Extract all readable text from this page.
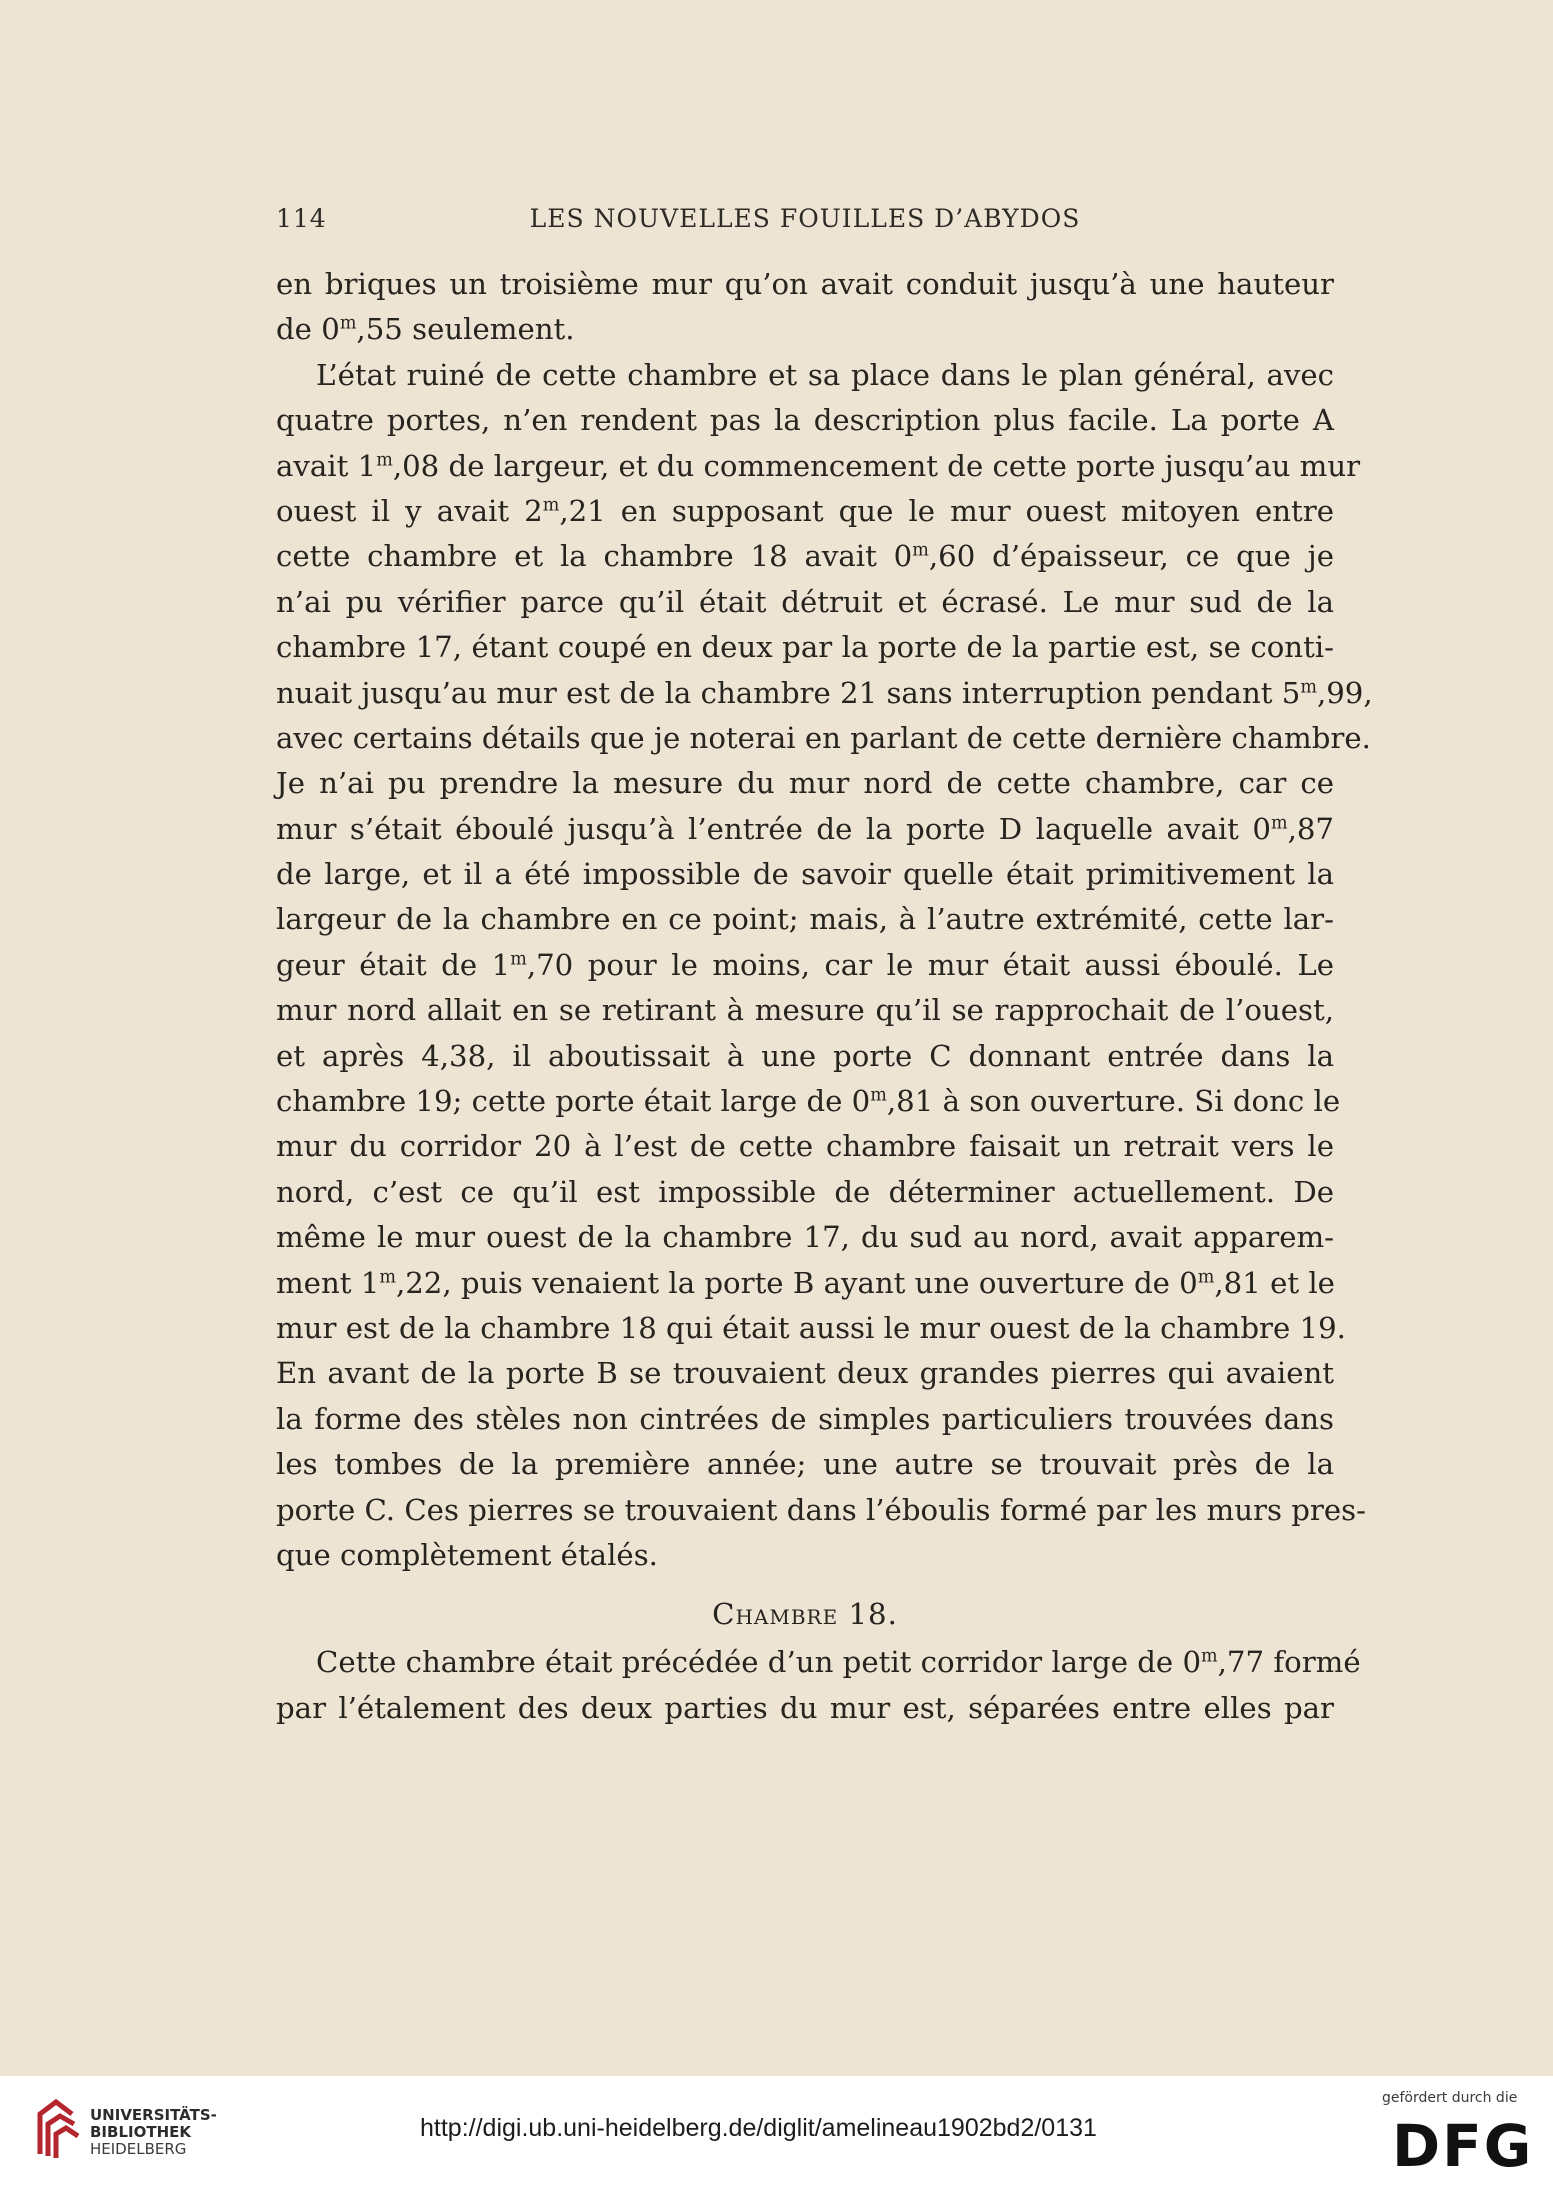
114	LES NOUVELLES FOUILLES D’ABYDOS
en briques un troisième mur qu’on avait conduit jusqu’à une hauteur
de 0$^m$,55 seulement.
L’état ruiné de cette chambre et sa place dans le plan général, avec
quatre portes, n’en rendent pas la description plus facile. La porte A
avait 1$^m$,08 de largeur, et du commencement de cette porte jusqu’au mur
ouest il y avait 2$^m$,21 en supposant que le mur ouest mitoyen entre
cette chambre et la chambre 18 avait 0$^m$,60 d’épaisseur, ce que je
n’ai pu vérifier parce qu’il était détruit et écrasé. Le mur sud de la
chambre 17, étant coupé en deux par la porte de la partie est, se conti-
nuait jusqu’au mur est de la chambre 21 sans interruption pendant 5$^m$,99,
avec certains détails que je noterai en parlant de cette dernière chambre.
Je n’ai pu prendre la mesure du mur nord de cette chambre, car ce
mur s’était éboulé jusqu’à l’entrée de la porte D laquelle avait 0$^m$,87
de large, et il a été impossible de savoir quelle était primitivement la
largeur de la chambre en ce point; mais, à l’autre extrémité, cette lar-
geur était de 1$^m$,70 pour le moins, car le mur était aussi éboulé. Le
mur nord allait en se retirant à mesure qu’il se rapprochait de l’ouest,
et après 4,38, il aboutissait à une porte C donnant entrée dans la
chambre 19; cette porte était large de 0$^m$,81 à son ouverture. Si donc le
mur du corridor 20 à l’est de cette chambre faisait un retrait vers le
nord, c’est ce qu’il est impossible de déterminer actuellement. De
même le mur ouest de la chambre 17, du sud au nord, avait apparem-
ment 1$^m$,22, puis venaient la porte B ayant une ouverture de 0$^m$,81 et le
mur est de la chambre 18 qui était aussi le mur ouest de la chambre 19.
En avant de la porte B se trouvaient deux grandes pierres qui avaient
la forme des stèles non cintrées de simples particuliers trouvées dans
les tombes de la première année; une autre se trouvait près de la
porte C. Ces pierres se trouvaient dans l’éboulis formé par les murs pres-
que complètement étalés.
Chambre 18.
Cette chambre était précédée d’un petit corridor large de 0$^m$,77 formé
par l’étalement des deux parties du mur est, séparées entre elles par
UNIVERSITÄTS-
BIBLIOTHEK
HEIDELBERG
http://digi.ub.uni-heidelberg.de/diglit/amelineau1902bd2/0131
gefördert durch die
DFG
